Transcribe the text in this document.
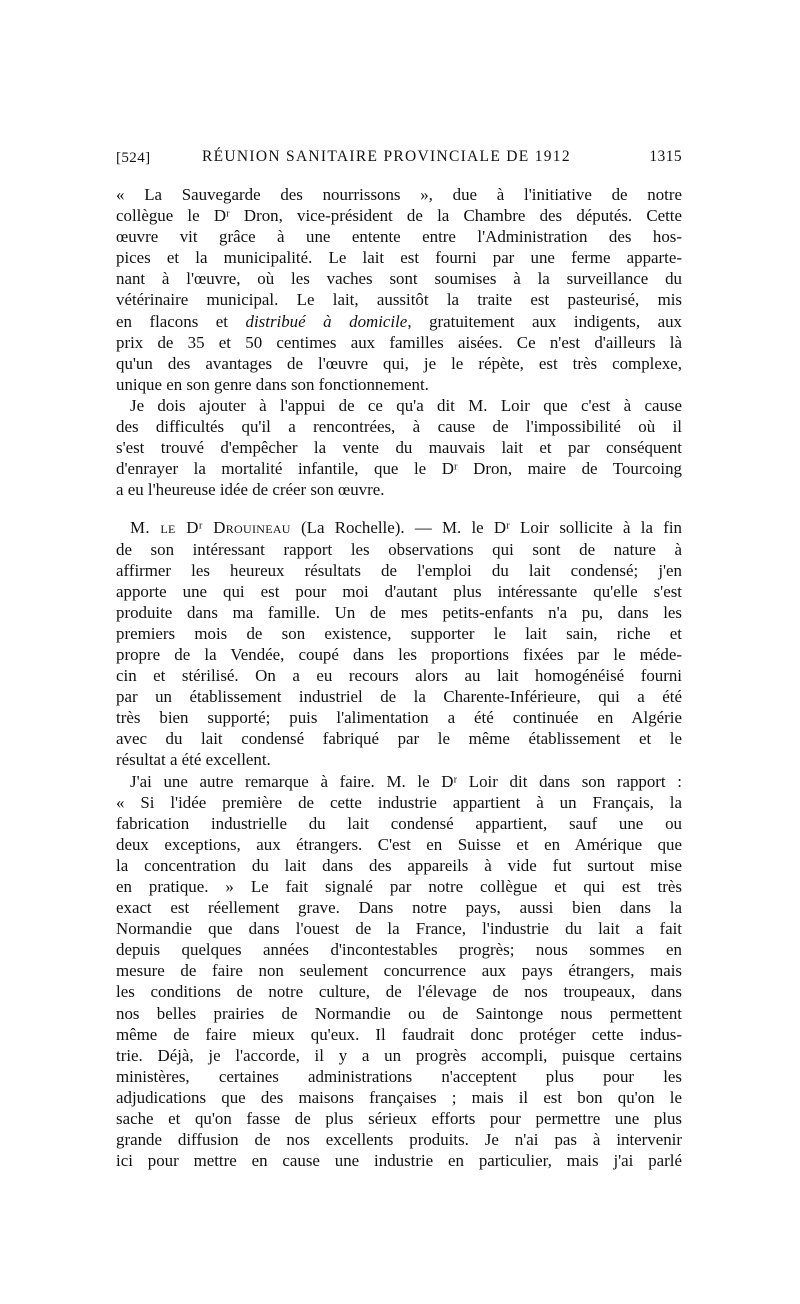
[524]	RÉUNION SANITAIRE PROVINCIALE DE 1912	1315
« La Sauvegarde des nourrissons », due à l'initiative de notre
collègue le Dʳ Dron, vice-président de la Chambre des députés. Cette
œuvre vit grâce à une entente entre l'Administration des hos-
pices et la municipalité. Le lait est fourni par une ferme apparte-
nant à l'œuvre, où les vaches sont soumises à la surveillance du
vétérinaire municipal. Le lait, aussitôt la traite est pasteurisé, mis
en flacons et distribué à domicile, gratuitement aux indigents, aux
prix de 35 et 50 centimes aux familles aisées. Ce n'est d'ailleurs là
qu'un des avantages de l'œuvre qui, je le répète, est très complexe,
unique en son genre dans son fonctionnement.
Je dois ajouter à l'appui de ce qu'a dit M. Loir que c'est à cause
des difficultés qu'il a rencontrées, à cause de l'impossibilité où il
s'est trouvé d'empêcher la vente du mauvais lait et par conséquent
d'enrayer la mortalité infantile, que le Dʳ Dron, maire de Tourcoing
a eu l'heureuse idée de créer son œuvre.
M. le Dʳ Drouineau (La Rochelle). — M. le Dʳ Loir sollicite à la fin
de son intéressant rapport les observations qui sont de nature à
affirmer les heureux résultats de l'emploi du lait condensé; j'en
apporte une qui est pour moi d'autant plus intéressante qu'elle s'est
produite dans ma famille. Un de mes petits-enfants n'a pu, dans les
premiers mois de son existence, supporter le lait sain, riche et
propre de la Vendée, coupé dans les proportions fixées par le méde-
cin et stérilisé. On a eu recours alors au lait homogénéisé fourni
par un établissement industriel de la Charente-Inférieure, qui a été
très bien supporté; puis l'alimentation a été continuée en Algérie
avec du lait condensé fabriqué par le même établissement et le
résultat a été excellent.
J'ai une autre remarque à faire. M. le Dʳ Loir dit dans son rapport :
« Si l'idée première de cette industrie appartient à un Français, la
fabrication industrielle du lait condensé appartient, sauf une ou
deux exceptions, aux étrangers. C'est en Suisse et en Amérique que
la concentration du lait dans des appareils à vide fut surtout mise
en pratique. » Le fait signalé par notre collègue et qui est très
exact est réellement grave. Dans notre pays, aussi bien dans la
Normandie que dans l'ouest de la France, l'industrie du lait a fait
depuis quelques années d'incontestables progrès; nous sommes en
mesure de faire non seulement concurrence aux pays étrangers, mais
les conditions de notre culture, de l'élevage de nos troupeaux, dans
nos belles prairies de Normandie ou de Saintonge nous permettent
même de faire mieux qu'eux. Il faudrait donc protéger cette indus-
trie. Déjà, je l'accorde, il y a un progrès accompli, puisque certains
ministères, certaines administrations n'acceptent plus pour les
adjudications que des maisons françaises ; mais il est bon qu'on le
sache et qu'on fasse de plus sérieux efforts pour permettre une plus
grande diffusion de nos excellents produits. Je n'ai pas à intervenir
ici pour mettre en cause une industrie en particulier, mais j'ai parlé
